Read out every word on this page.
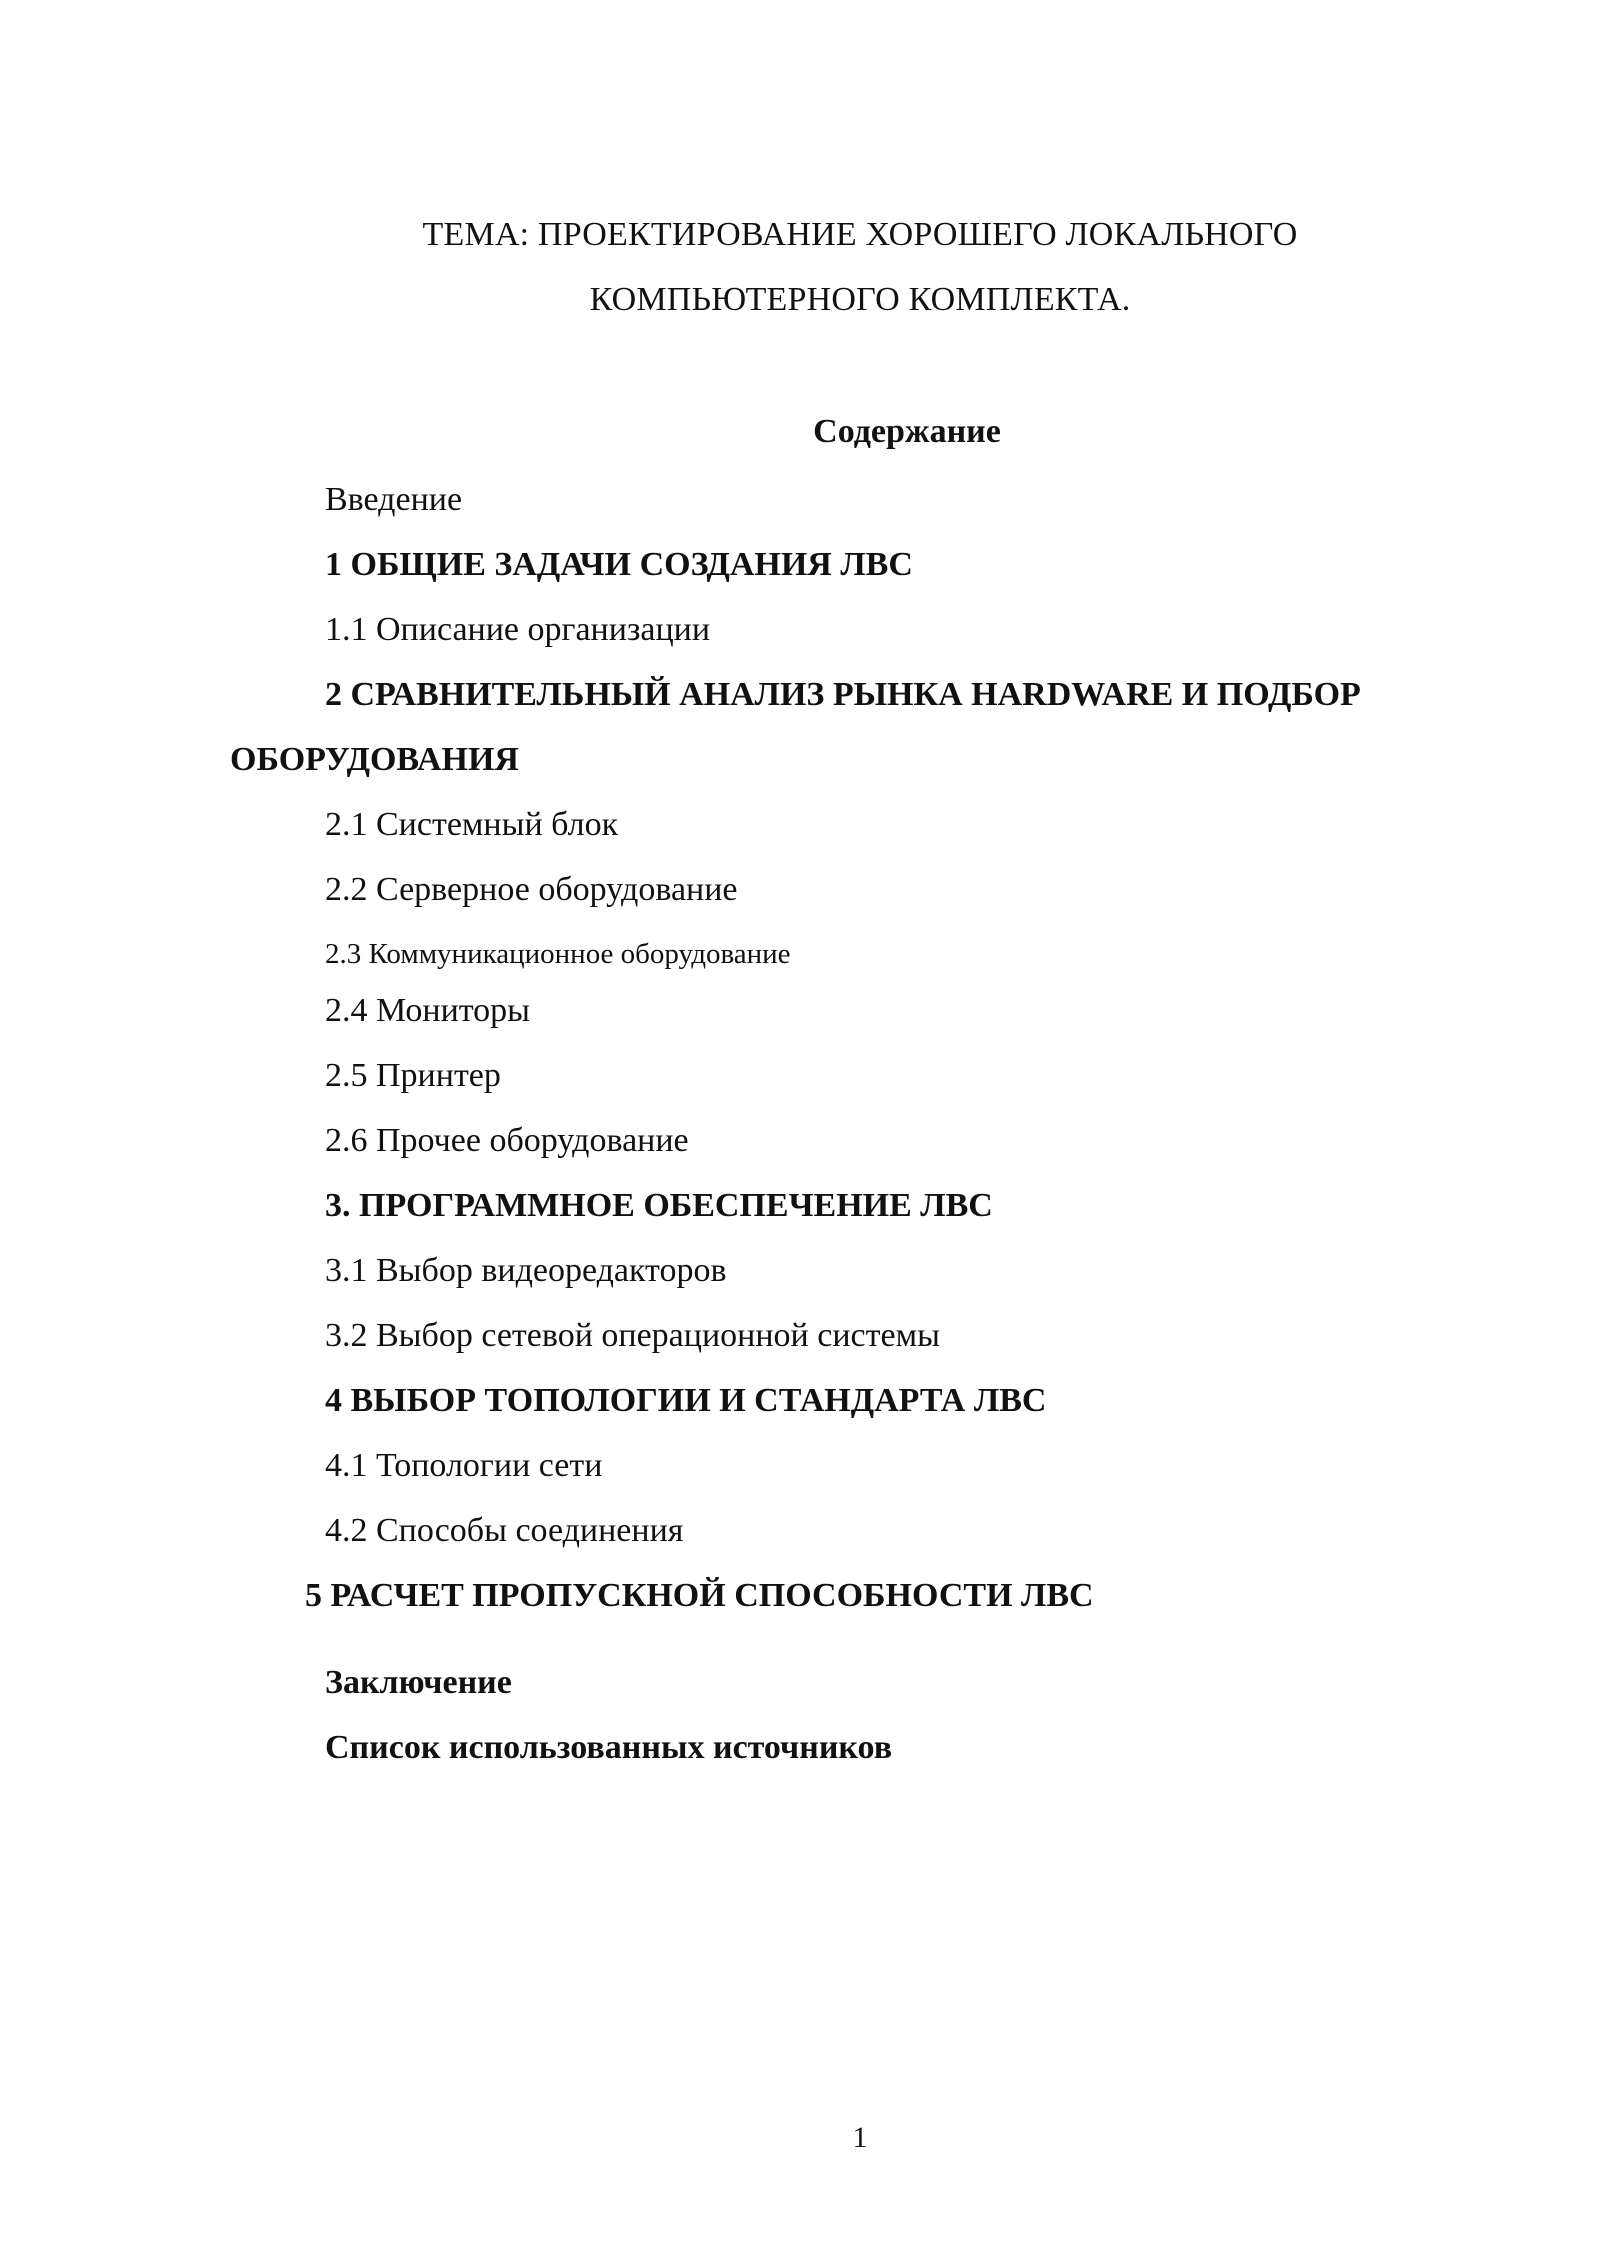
ТЕМА: ПРОЕКТИРОВАНИЕ ХОРОШЕГО ЛОКАЛЬНОГО
КОМПЬЮТЕРНОГО КОМПЛЕКТА.
Содержание
Введение
1 ОБЩИЕ ЗАДАЧИ СОЗДАНИЯ ЛВС
1.1 Описание организации
2 СРАВНИТЕЛЬНЫЙ АНАЛИЗ РЫНКА HARDWARE И ПОДБОР
ОБОРУДОВАНИЯ
2.1 Системный блок
2.2 Серверное оборудование
2.3 Коммуникационное оборудование
2.4 Мониторы
2.5 Принтер
2.6 Прочее оборудование
3. ПРОГРАММНОЕ ОБЕСПЕЧЕНИЕ ЛВС
3.1 Выбор видеоредакторов
3.2 Выбор сетевой операционной системы
4 ВЫБОР ТОПОЛОГИИ И СТАНДАРТА ЛВС
4.1 Топологии сети
4.2 Способы соединения
5 РАСЧЕТ ПРОПУСКНОЙ СПОСОБНОСТИ ЛВС
Заключение
Список использованных источников
1
